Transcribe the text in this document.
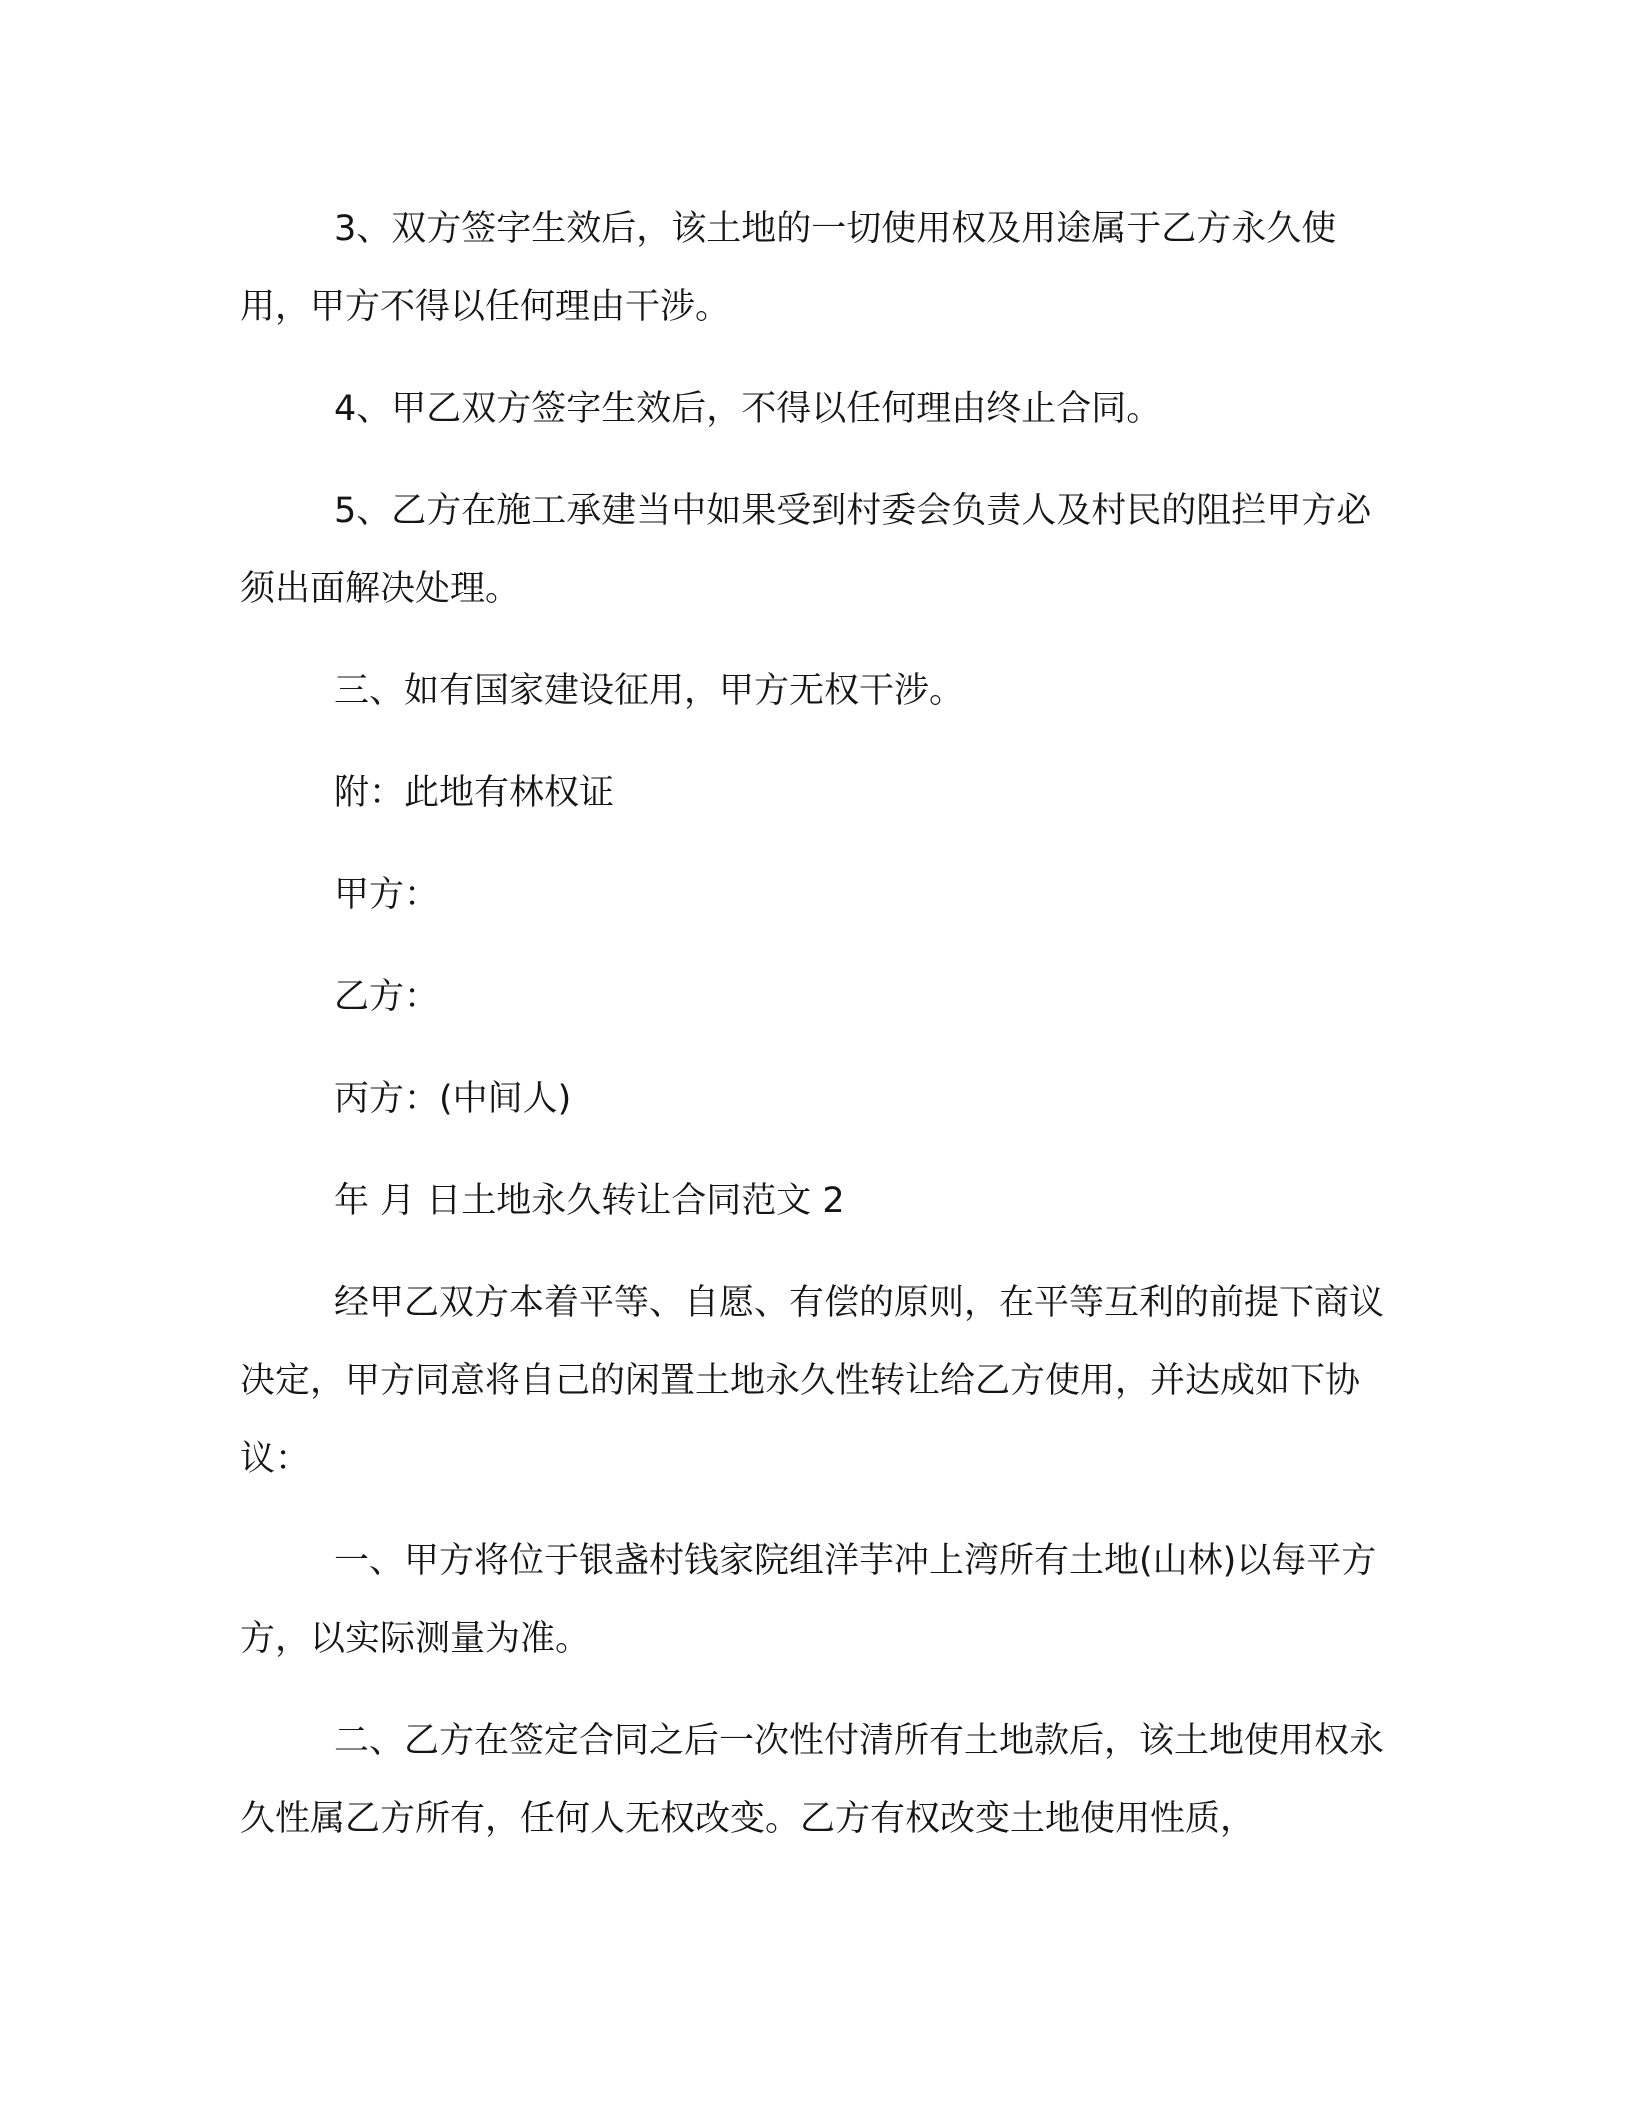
3、双方签字生效后，该土地的一切使用权及用途属于乙方永久使用，甲方不得以任何理由干涉。

4、甲乙双方签字生效后，不得以任何理由终止合同。

5、乙方在施工承建当中如果受到村委会负责人及村民的阻拦甲方必须出面解决处理。

三、如有国家建设征用，甲方无权干涉。

附：此地有林权证

甲方：

乙方：

丙方：(中间人)

年 月 日土地永久转让合同范文 2

经甲乙双方本着平等、自愿、有偿的原则，在平等互利的前提下商议决定，甲方同意将自己的闲置土地永久性转让给乙方使用，并达成如下协议：

一、甲方将位于银盏村钱家院组洋芋冲上湾所有土地(山林)以每平方方，以实际测量为准。

二、乙方在签定合同之后一次性付清所有土地款后，该土地使用权永久性属乙方所有，任何人无权改变。乙方有权改变土地使用性质，
